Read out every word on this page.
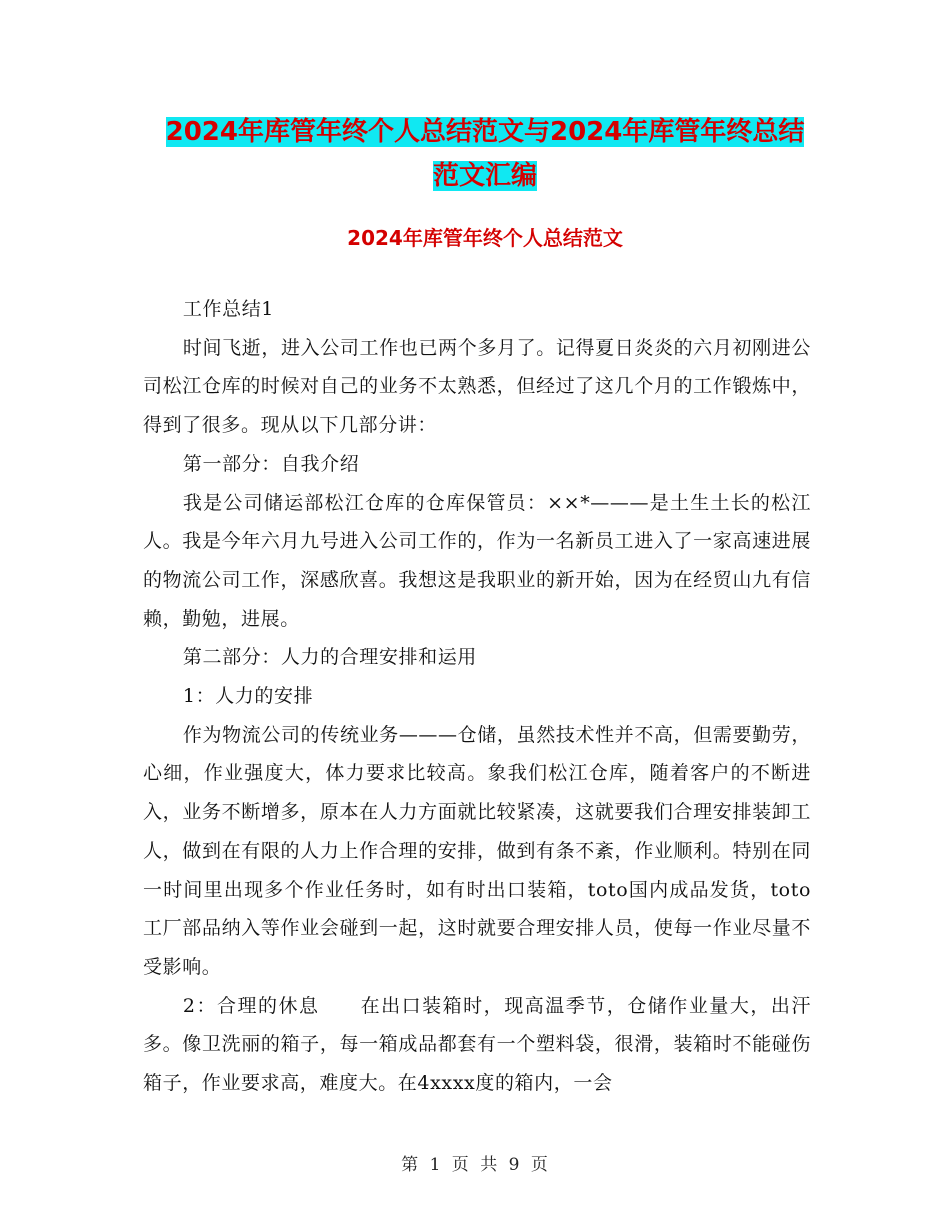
2024年库管年终个人总结范文与2024年库管年终总结
范文汇编
2024年库管年终个人总结范文

工作总结1

时间飞逝，进入公司工作也已两个多月了。记得夏日炎炎的六月初刚进公司松江仓库的时候对自己的业务不太熟悉，但经过了这几个月的工作锻炼中，得到了很多。现从以下几部分讲：

第一部分：自我介绍

我是公司储运部松江仓库的仓库保管员：××*———是土生土长的松江人。我是今年六月九号进入公司工作的，作为一名新员工进入了一家高速进展的物流公司工作，深感欣喜。我想这是我职业的新开始，因为在经贸山九有信赖，勤勉，进展。

第二部分：人力的合理安排和运用

1：人力的安排

作为物流公司的传统业务———仓储，虽然技术性并不高，但需要勤劳，心细，作业强度大，体力要求比较高。象我们松江仓库，随着客户的不断进入，业务不断增多，原本在人力方面就比较紧凑，这就要我们合理安排装卸工人，做到在有限的人力上作合理的安排，做到有条不紊，作业顺利。特别在同一时间里出现多个作业任务时，如有时出口装箱，toto国内成品发货，toto工厂部品纳入等作业会碰到一起，这时就要合理安排人员，使每一作业尽量不受影响。

2：合理的休息　　在出口装箱时，现高温季节，仓储作业量大，出汗多。像卫洗丽的箱子，每一箱成品都套有一个塑料袋，很滑，装箱时不能碰伤箱子，作业要求高，难度大。在4xxxx度的箱内，一会

第 1 页 共 9 页
